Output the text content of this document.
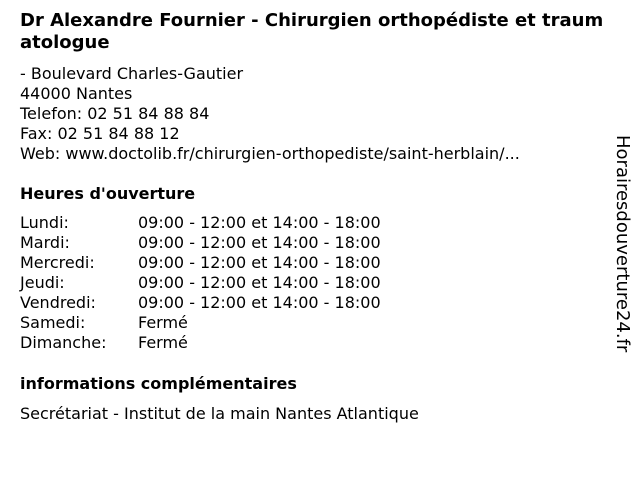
Dr Alexandre Fournier - Chirurgien orthopédiste et traumatologue
- Boulevard Charles-Gautier
44000 Nantes
Telefon: 02 51 84 88 84
Fax: 02 51 84 88 12
Web: www.doctolib.fr/chirurgien-orthopediste/saint-herblain/...
Heures d'ouverture
Lundi:	09:00 - 12:00 et 14:00 - 18:00
Mardi:	09:00 - 12:00 et 14:00 - 18:00
Mercredi:	09:00 - 12:00 et 14:00 - 18:00
Jeudi:	09:00 - 12:00 et 14:00 - 18:00
Vendredi:	09:00 - 12:00 et 14:00 - 18:00
Samedi:	Fermé
Dimanche:	Fermé
informations complémentaires
Secrétariat - Institut de la main Nantes Atlantique
Horairesdouverture24.fr
